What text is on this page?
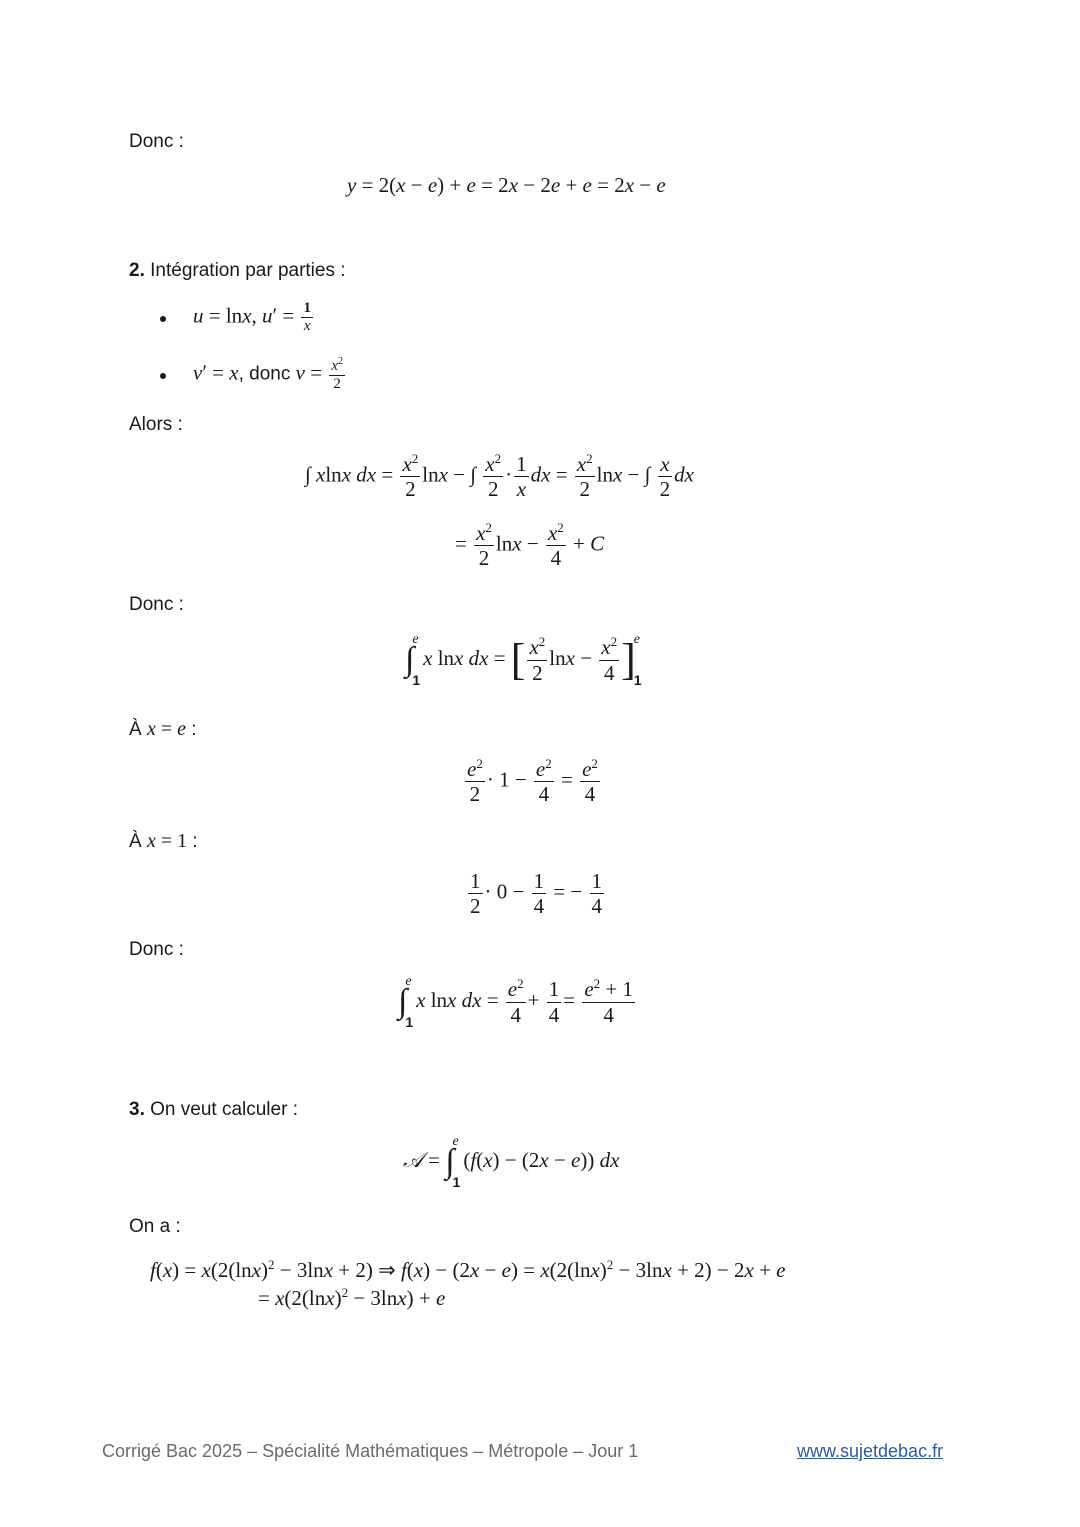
Donc :
y = 2(x − e) + e = 2x − 2e + e = 2x − e
2. Intégration par parties :
u = lnx, $u' = \frac{1}{x}$
v′ = x, donc $v = \frac{x^2}{2}$
Alors :
∫ xlnx dx = $\frac{x^2}{2}$ lnx − ∫ $\frac{x^2}{2} \cdot \frac{1}{x}$ dx = $\frac{x^2}{2}$ lnx − ∫ $\frac{x}{2}$ dx
= $\frac{x^2}{2}$ $\ln x - \frac{x^2}{4} + C$
Donc :
∫
e
1
x lnx dx = [ $\frac{x^2}{2}$ $\ln x - \frac{x^2}{4}$ ]
e
1
À x = e :
$\frac{e^2}{2} \cdot 1 - \frac{e^2}{4} = \frac{e^2}{4}$
À x = 1 :
$\frac{1}{2} \cdot 0 - \frac{1}{4}$ = − $\frac{1}{4}$
Donc :
∫
e
1
x lnx dx = $\frac{e^2}{4} + \frac{1}{4} = \frac{e^2 + 1}{4}$
3. On veut calculer :
𝒜 = ∫
e
1
(f(x) − (2x − e)) dx
On a :
$f(x) = x(2(\ln x)^2 - 3\ln x + 2)$ ⇒ $f(x) - (2x - e) = x(2(\ln x)^2 - 3\ln x + 2) - 2x + e$
= $x(2(\ln x)^2 - 3\ln x) + e$
Corrigé Bac 2025 – Spécialité Mathématiques – Métropole – Jour 1	www.sujetdebac.fr
